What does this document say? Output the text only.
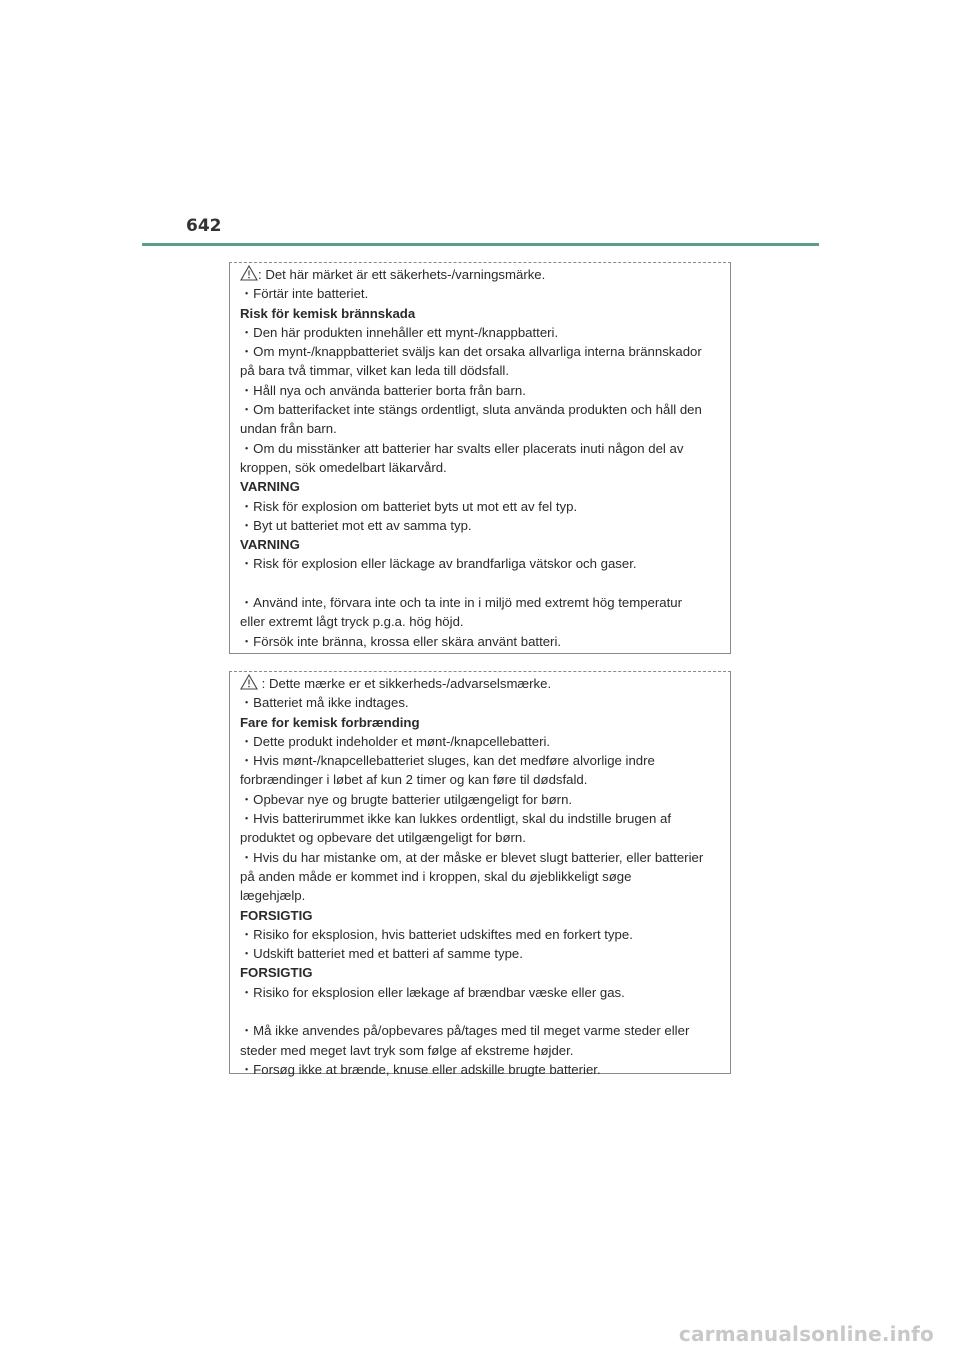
642
: Det här märket är ett säkerhets-/varningsmärke.
・Förtär inte batteriet.
Risk för kemisk brännskada
・Den här produkten innehåller ett mynt-/knappbatteri.
・Om mynt-/knappbatteriet sväljs kan det orsaka allvarliga interna brännskador
på bara två timmar, vilket kan leda till dödsfall.
・Håll nya och använda batterier borta från barn.
・Om batterifacket inte stängs ordentligt, sluta använda produkten och håll den
undan från barn.
・Om du misstänker att batterier har svalts eller placerats inuti någon del av
kroppen, sök omedelbart läkarvård.
VARNING
・Risk för explosion om batteriet byts ut mot ett av fel typ.
・Byt ut batteriet mot ett av samma typ.
VARNING
・Risk för explosion eller läckage av brandfarliga vätskor och gaser.
・Använd inte, förvara inte och ta inte in i miljö med extremt hög temperatur
eller extremt lågt tryck p.g.a. hög höjd.
・Försök inte bränna, krossa eller skära använt batteri.
: Dette mærke er et sikkerheds-/advarselsmærke.
・Batteriet må ikke indtages.
Fare for kemisk forbrænding
・Dette produkt indeholder et mønt-/knapcellebatteri.
・Hvis mønt-/knapcellebatteriet sluges, kan det medføre alvorlige indre
forbrændinger i løbet af kun 2 timer og kan føre til dødsfald.
・Opbevar nye og brugte batterier utilgængeligt for børn.
・Hvis batterirummet ikke kan lukkes ordentligt, skal du indstille brugen af
produktet og opbevare det utilgængeligt for børn.
・Hvis du har mistanke om, at der måske er blevet slugt batterier, eller batterier
på anden måde er kommet ind i kroppen, skal du øjeblikkeligt søge
lægehjælp.
FORSIGTIG
・Risiko for eksplosion, hvis batteriet udskiftes med en forkert type.
・Udskift batteriet med et batteri af samme type.
FORSIGTIG
・Risiko for eksplosion eller lækage af brændbar væske eller gas.
・Må ikke anvendes på/opbevares på/tages med til meget varme steder eller
steder med meget lavt tryk som følge af ekstreme højder.
・Forsøg ikke at brænde, knuse eller adskille brugte batterier.
carmanualsonline.info
